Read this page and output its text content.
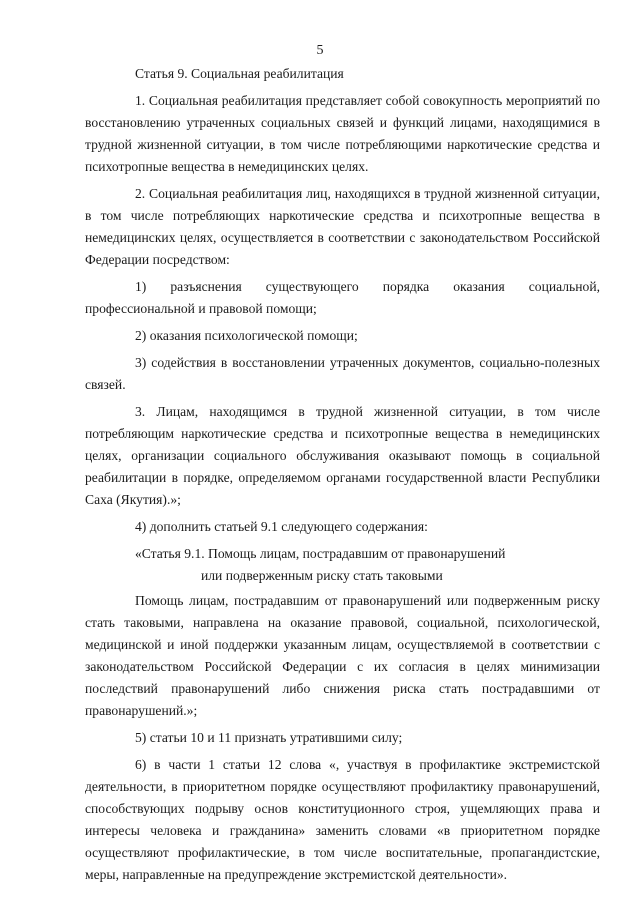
5

Статья 9. Социальная реабилитация

1. Социальная реабилитация представляет собой совокупность мероприятий по восстановлению утраченных социальных связей и функций лицами, находящимися в трудной жизненной ситуации, в том числе потребляющими наркотические средства и психотропные вещества в немедицинских целях.

2. Социальная реабилитация лиц, находящихся в трудной жизненной ситуации, в том числе потребляющих наркотические средства и психотропные вещества в немедицинских целях, осуществляется в соответствии с законодательством Российской Федерации посредством:

1) разъяснения существующего порядка оказания социальной, профессиональной и правовой помощи;

2) оказания психологической помощи;

3) содействия в восстановлении утраченных документов, социально-полезных связей.

3. Лицам, находящимся в трудной жизненной ситуации, в том числе потребляющим наркотические средства и психотропные вещества в немедицинских целях, организации социального обслуживания оказывают помощь в социальной реабилитации в порядке, определяемом органами государственной власти Республики Саха (Якутия).»;

4) дополнить статьей 9.1 следующего содержания:

«Статья 9.1. Помощь лицам, пострадавшим от правонарушений

или подверженным риску стать таковыми

Помощь лицам, пострадавшим от правонарушений или подверженным риску стать таковыми, направлена на оказание правовой, социальной, психологической, медицинской и иной поддержки указанным лицам, осуществляемой в соответствии с законодательством Российской Федерации с их согласия в целях минимизации последствий правонарушений либо снижения риска стать пострадавшими от правонарушений.»;

5) статьи 10 и 11 признать утратившими силу;

6) в части 1 статьи 12 слова «, участвуя в профилактике экстремистской деятельности, в приоритетном порядке осуществляют профилактику правонарушений, способствующих подрыву основ конституционного строя, ущемляющих права и интересы человека и гражданина» заменить словами «в приоритетном порядке осуществляют профилактические, в том числе воспитательные, пропагандистские, меры, направленные на предупреждение экстремистской деятельности».
